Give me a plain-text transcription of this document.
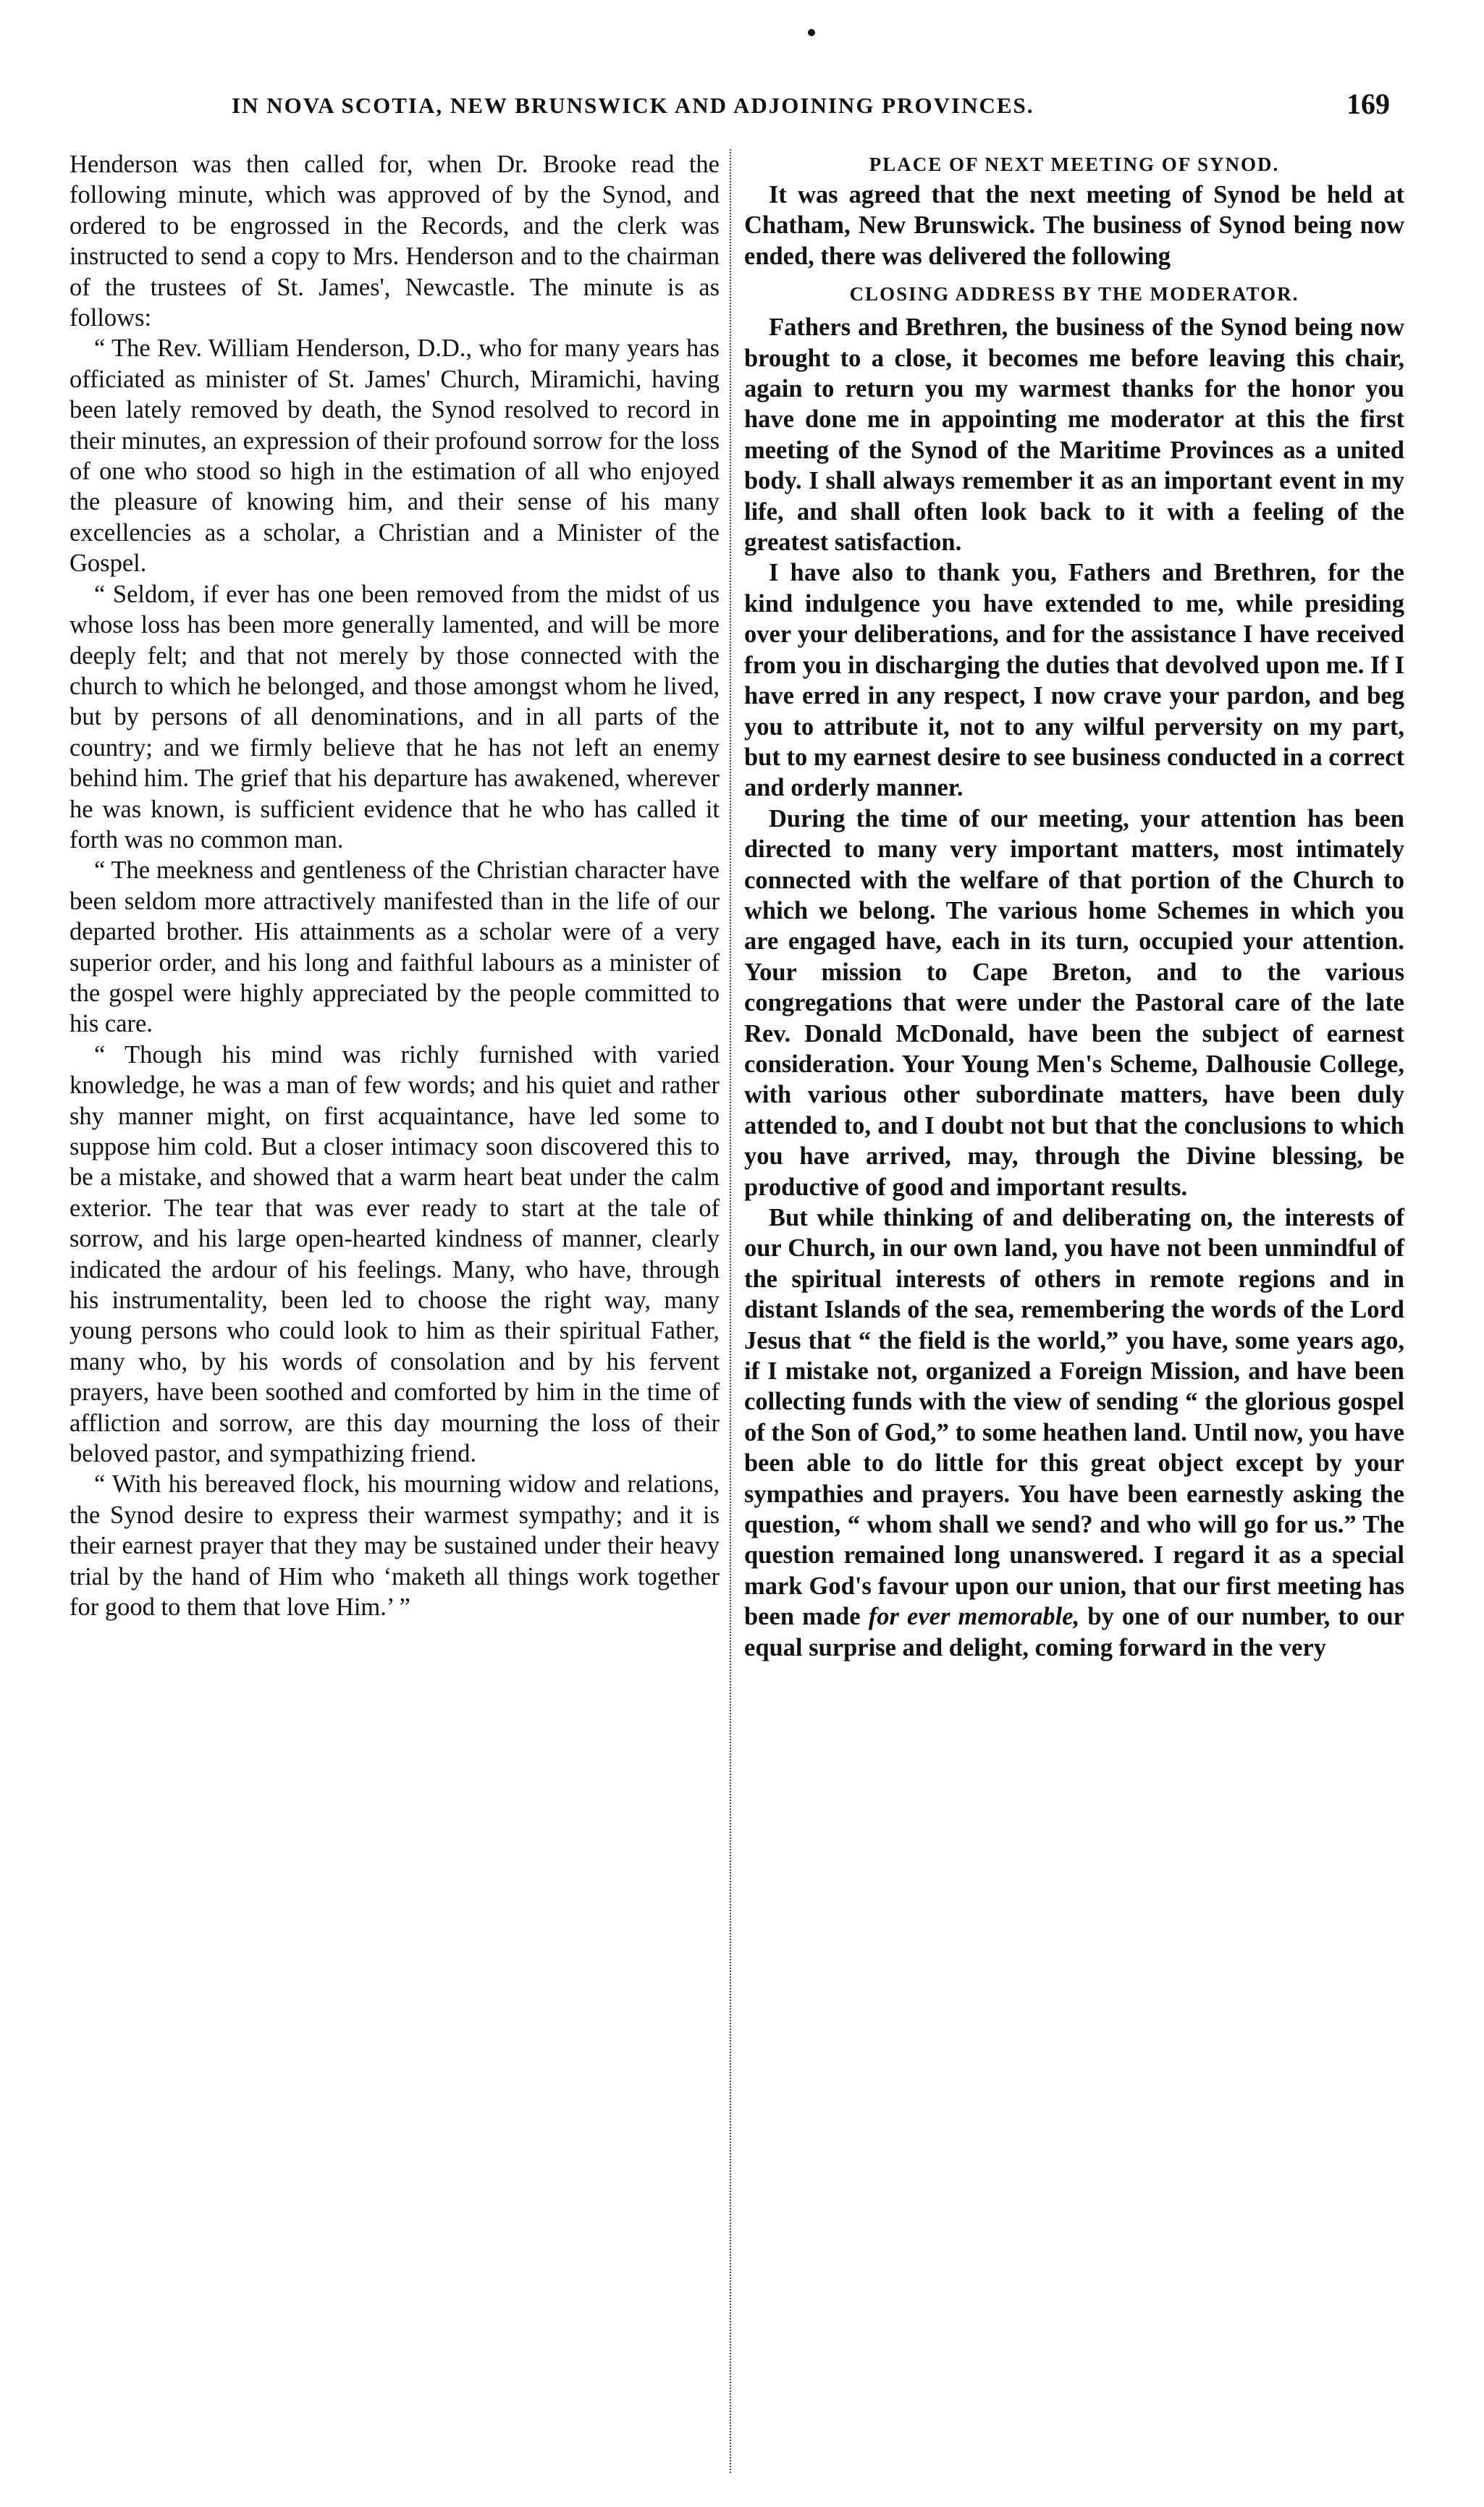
IN NOVA SCOTIA, NEW BRUNSWICK AND ADJOINING PROVINCES.	169

Henderson was then called for, when Dr. Brooke read the following minute, which was approved of by the Synod, and ordered to be engrossed in the Records, and the clerk was instructed to send a copy to Mrs. Henderson and to the chairman of the trustees of St. James', Newcastle. The minute is as follows:

“ The Rev. William Henderson, D.D., who for many years has officiated as minister of St. James' Church, Miramichi, having been lately removed by death, the Synod resolved to record in their minutes, an expression of their profound sorrow for the loss of one who stood so high in the estimation of all who enjoyed the pleasure of knowing him, and their sense of his many excellencies as a scholar, a Christian and a Minister of the Gospel.

“ Seldom, if ever has one been removed from the midst of us whose loss has been more generally lamented, and will be more deeply felt; and that not merely by those connected with the church to which he belonged, and those amongst whom he lived, but by persons of all denominations, and in all parts of the country; and we firmly believe that he has not left an enemy behind him. The grief that his departure has awakened, wherever he was known, is sufficient evidence that he who has called it forth was no common man.

“ The meekness and gentleness of the Christian character have been seldom more attractively manifested than in the life of our departed brother. His attainments as a scholar were of a very superior order, and his long and faithful labours as a minister of the gospel were highly appreciated by the people committed to his care.

“ Though his mind was richly furnished with varied knowledge, he was a man of few words; and his quiet and rather shy manner might, on first acquaintance, have led some to suppose him cold. But a closer intimacy soon discovered this to be a mistake, and showed that a warm heart beat under the calm exterior. The tear that was ever ready to start at the tale of sorrow, and his large open-hearted kindness of manner, clearly indicated the ardour of his feelings. Many, who have, through his instrumentality, been led to choose the right way, many young persons who could look to him as their spiritual Father, many who, by his words of consolation and by his fervent prayers, have been soothed and comforted by him in the time of affliction and sorrow, are this day mourning the loss of their beloved pastor, and sympathizing friend.

“ With his bereaved flock, his mourning widow and relations, the Synod desire to express their warmest sympathy; and it is their earnest prayer that they may be sustained under their heavy trial by the hand of Him who ‘maketh all things work together for good to them that love Him.’ ”

PLACE OF NEXT MEETING OF SYNOD.

It was agreed that the next meeting of Synod be held at Chatham, New Brunswick. The business of Synod being now ended, there was delivered the following

CLOSING ADDRESS BY THE MODERATOR.

Fathers and Brethren, the business of the Synod being now brought to a close, it becomes me before leaving this chair, again to return you my warmest thanks for the honor you have done me in appointing me moderator at this the first meeting of the Synod of the Maritime Provinces as a united body. I shall always remember it as an important event in my life, and shall often look back to it with a feeling of the greatest satisfaction.

I have also to thank you, Fathers and Brethren, for the kind indulgence you have extended to me, while presiding over your deliberations, and for the assistance I have received from you in discharging the duties that devolved upon me. If I have erred in any respect, I now crave your pardon, and beg you to attribute it, not to any wilful perversity on my part, but to my earnest desire to see business conducted in a correct and orderly manner.

During the time of our meeting, your attention has been directed to many very important matters, most intimately connected with the welfare of that portion of the Church to which we belong. The various home Schemes in which you are engaged have, each in its turn, occupied your attention. Your mission to Cape Breton, and to the various congregations that were under the Pastoral care of the late Rev. Donald McDonald, have been the subject of earnest consideration. Your Young Men's Scheme, Dalhousie College, with various other subordinate matters, have been duly attended to, and I doubt not but that the conclusions to which you have arrived, may, through the Divine blessing, be productive of good and important results.

But while thinking of and deliberating on, the interests of our Church, in our own land, you have not been unmindful of the spiritual interests of others in remote regions and in distant Islands of the sea, remembering the words of the Lord Jesus that “ the field is the world,” you have, some years ago, if I mistake not, organized a Foreign Mission, and have been collecting funds with the view of sending “ the glorious gospel of the Son of God,” to some heathen land. Until now, you have been able to do little for this great object except by your sympathies and prayers. You have been earnestly asking the question, “ whom shall we send? and who will go for us.” The question remained long unanswered. I regard it as a special mark God's favour upon our union, that our first meeting has been made for ever memorable, by one of our number, to our equal surprise and delight, coming forward in the very
